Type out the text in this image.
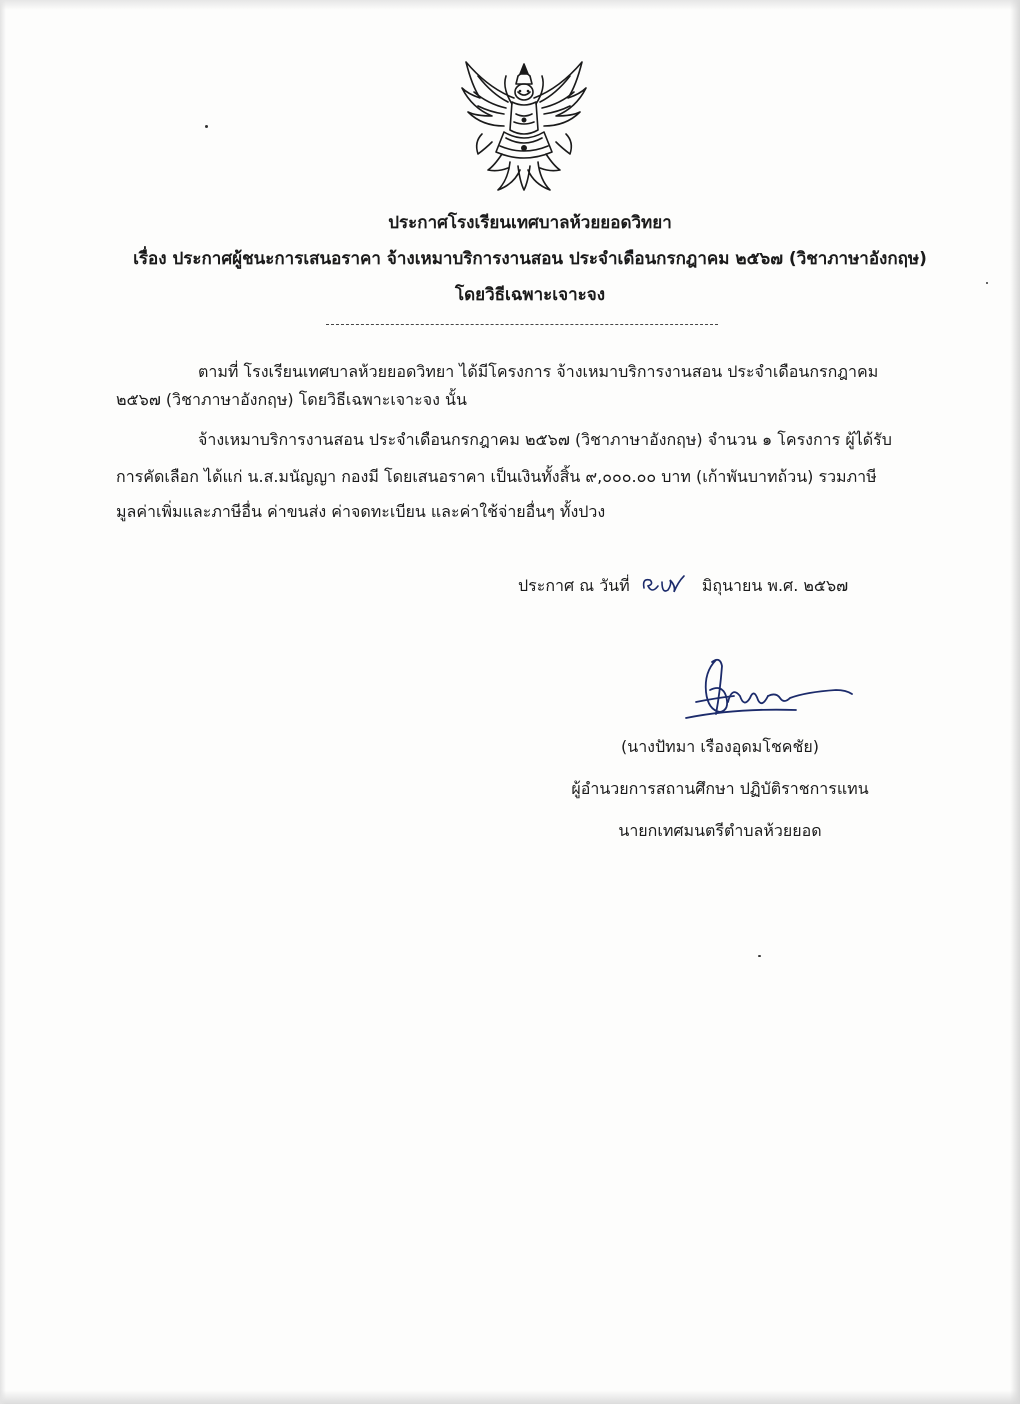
ประกาศโรงเรียนเทศบาลห้วยยอดวิทยา
เรื่อง ประกาศผู้ชนะการเสนอราคา จ้างเหมาบริการงานสอน ประจำเดือนกรกฎาคม ๒๕๖๗ (วิชาภาษาอังกฤษ)
โดยวิธีเฉพาะเจาะจง
ตามที่ โรงเรียนเทศบาลห้วยยอดวิทยา ได้มีโครงการ จ้างเหมาบริการงานสอน ประจำเดือนกรกฎาคม
๒๕๖๗ (วิชาภาษาอังกฤษ) โดยวิธีเฉพาะเจาะจง นั้น
จ้างเหมาบริการงานสอน ประจำเดือนกรกฎาคม ๒๕๖๗ (วิชาภาษาอังกฤษ) จำนวน ๑ โครงการ ผู้ได้รับ
การคัดเลือก ได้แก่ น.ส.มนัญญา กองมี โดยเสนอราคา เป็นเงินทั้งสิ้น ๙,๐๐๐.๐๐ บาท (เก้าพันบาทถ้วน) รวมภาษี
มูลค่าเพิ่มและภาษีอื่น ค่าขนส่ง ค่าจดทะเบียน และค่าใช้จ่ายอื่นๆ ทั้งปวง
ประกาศ ณ วันที่	มิถุนายน พ.ศ. ๒๕๖๗
(นางปัทมา เรืองอุดมโชคชัย)
ผู้อำนวยการสถานศึกษา ปฏิบัติราชการแทน
นายกเทศมนตรีตำบลห้วยยอด
